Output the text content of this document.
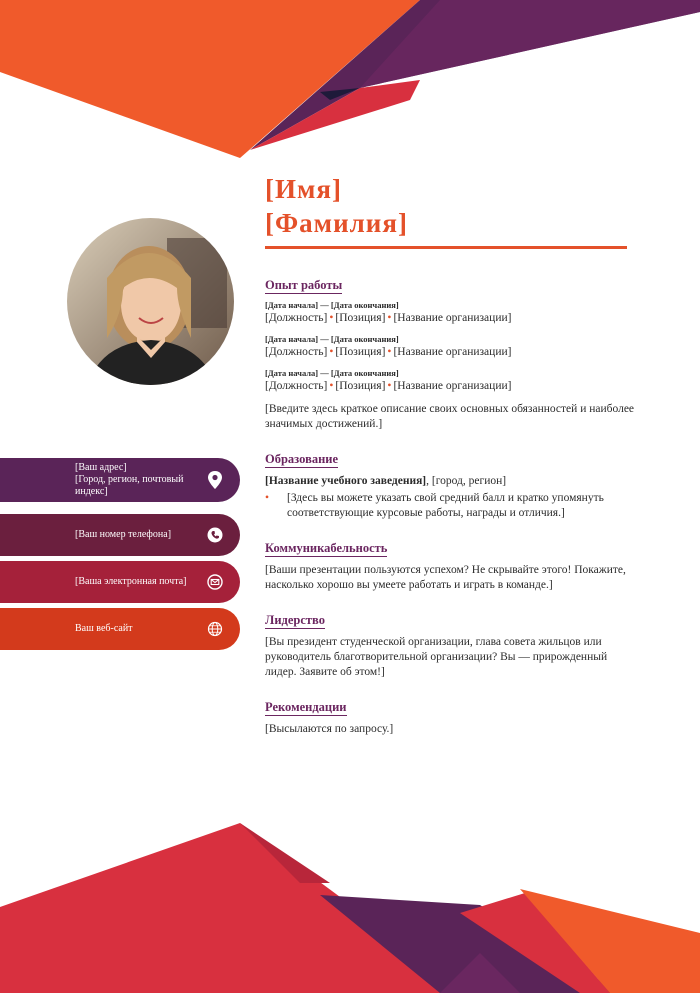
[Имя]
[Фамилия]
[Ваш адрес]
[Город, регион, почтовый индекс]
[Ваш номер телефона]
[Ваша электронная почта]
Ваш веб-сайт
Опыт работы
[Дата начала] — [Дата окончания]
[Должность] • [Позиция] • [Название организации]
[Дата начала] — [Дата окончания]
[Должность] • [Позиция] • [Название организации]
[Дата начала] — [Дата окончания]
[Должность] • [Позиция] • [Название организации]
[Введите здесь краткое описание своих основных обязанностей и наиболее значимых достижений.]
Образование
[Название учебного заведения], [город, регион]
•	[Здесь вы можете указать свой средний балл и кратко упомянуть соответствующие курсовые работы, награды и отличия.]
Коммуникабельность
[Ваши презентации пользуются успехом? Не скрывайте этого! Покажите, насколько хорошо вы умеете работать и играть в команде.]
Лидерство
[Вы президент студенческой организации, глава совета жильцов или руководитель благотворительной организации? Вы — прирожденный лидер. Заявите об этом!]
Рекомендации
[Высылаются по запросу.]
